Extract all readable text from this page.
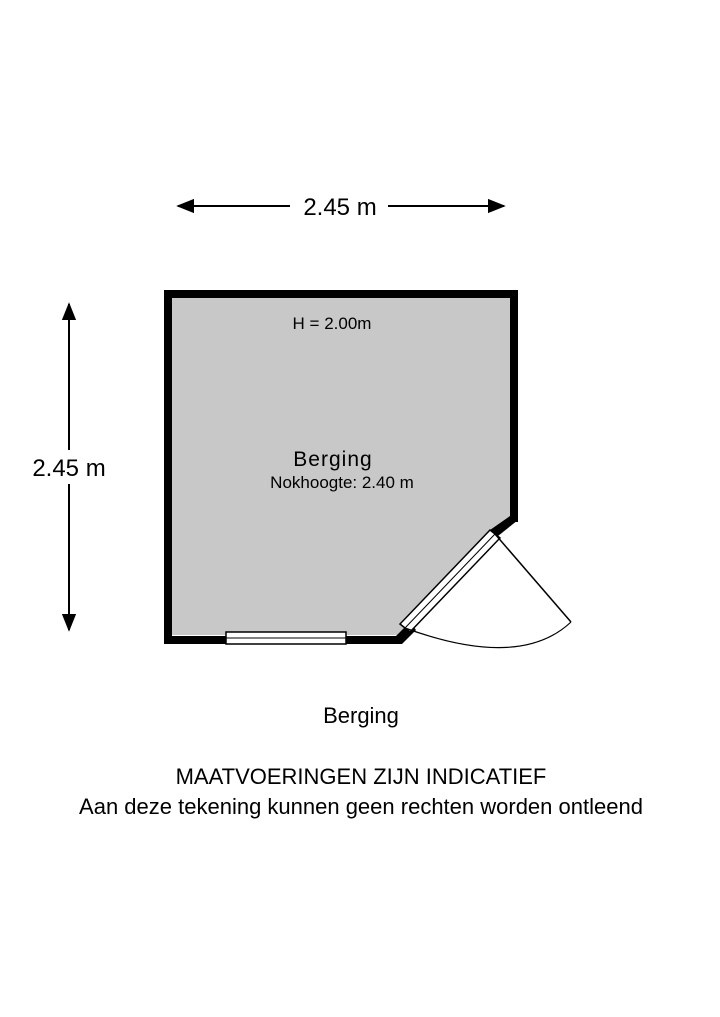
2.45 m
2.45 m
H = 2.00m
Berging
Nokhoogte: 2.40 m
Berging
MAATVOERINGEN ZIJN INDICATIEF
Aan deze tekening kunnen geen rechten worden ontleend
